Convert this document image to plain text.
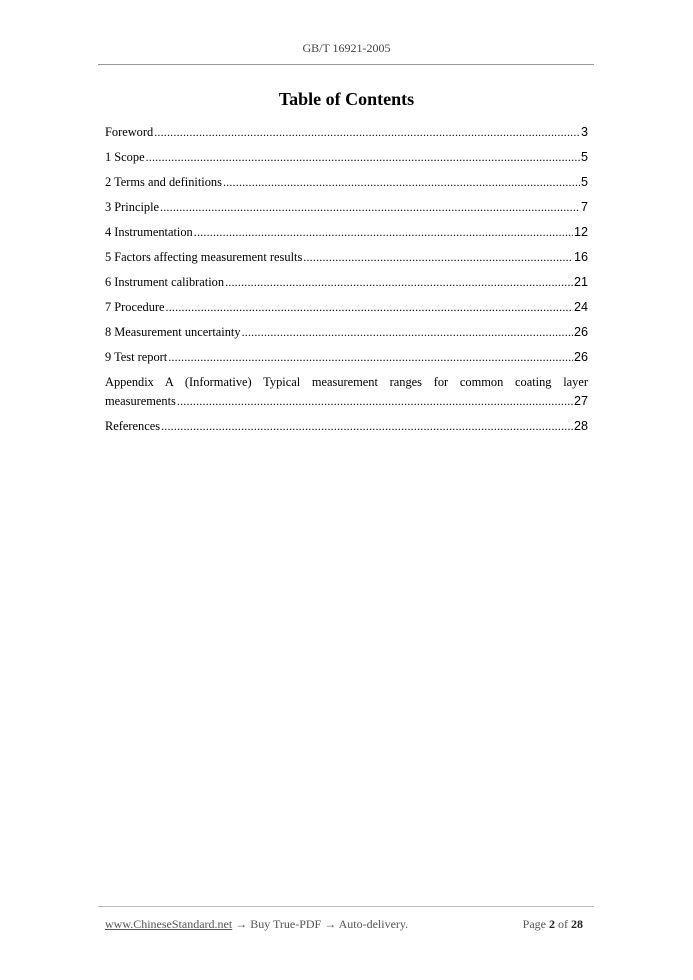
GB/T 16921-2005
Table of Contents
Foreword .....	3
1 Scope .....	5
2 Terms and definitions .....	5
3 Principle .....	7
4 Instrumentation .....	12
5 Factors affecting measurement results .....	16
6 Instrument calibration .....	21
7 Procedure .....	24
8 Measurement uncertainty .....	26
9 Test report .....	26
Appendix A (Informative) Typical measurement ranges for common coating layer
measurements .....	27
References .....	28
www.ChineseStandard.net → Buy True-PDF → Auto-delivery.	Page 2 of 28
